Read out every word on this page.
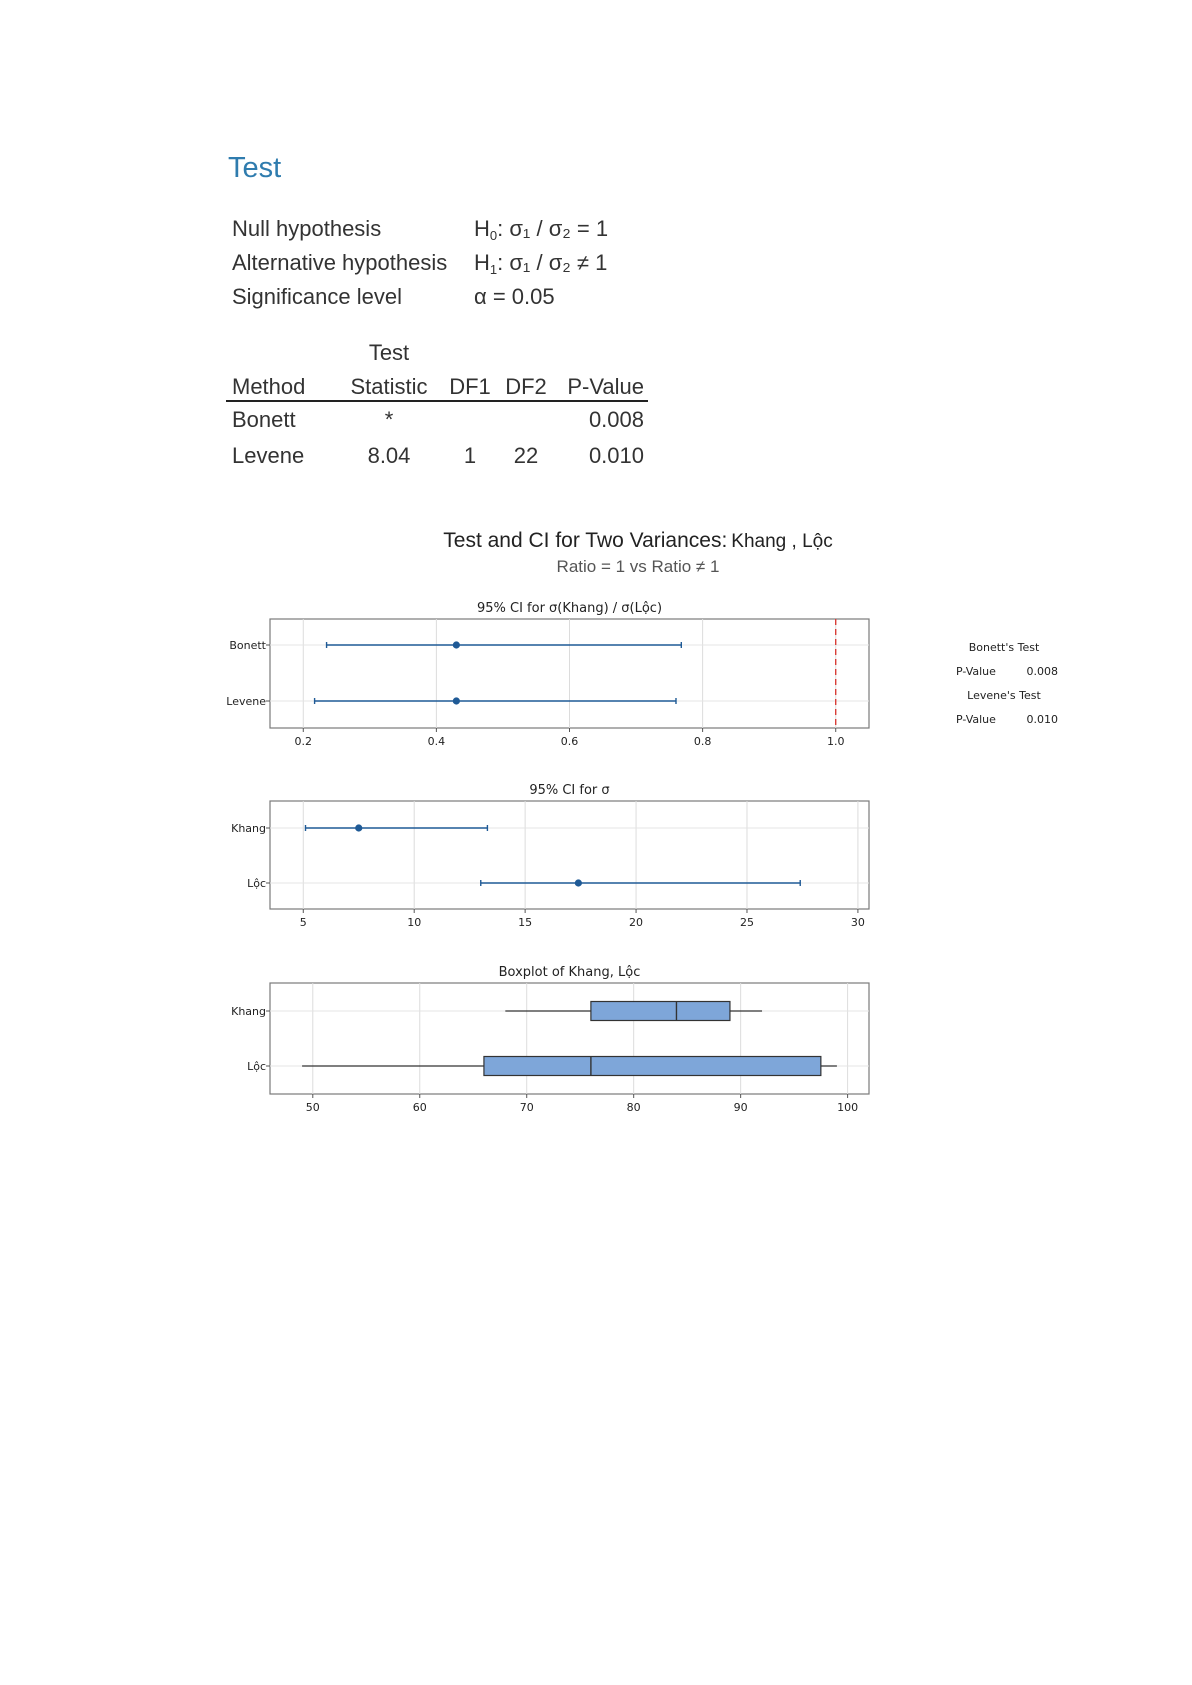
Test
Null hypothesis	$H_0$: σ₁ / σ₂ = 1
Alternative hypothesis	$H_1$: σ₁ / σ₂ ≠ 1
Significance level	α = 0.05
	Test			
Method	Statistic	DF1	DF2	P-Value
Bonett	*			0.008
Levene	8.04	1	22	0.010
Test and CI for Two Variances: Khang , Lộc
Ratio = 1 vs Ratio ≠ 1
95% CI for σ(Khang) / σ(Lộc)
0.2	0.4	0.6	0.8	1.0
Bonett
Levene
95% CI for σ
5	10	15	20	25	30
Khang
Lộc
Boxplot of Khang, Lộc
50	60	70	80	90	100
Khang
Lộc
Bonett's Test
P-Value	0.008
Levene's Test
P-Value	0.010
